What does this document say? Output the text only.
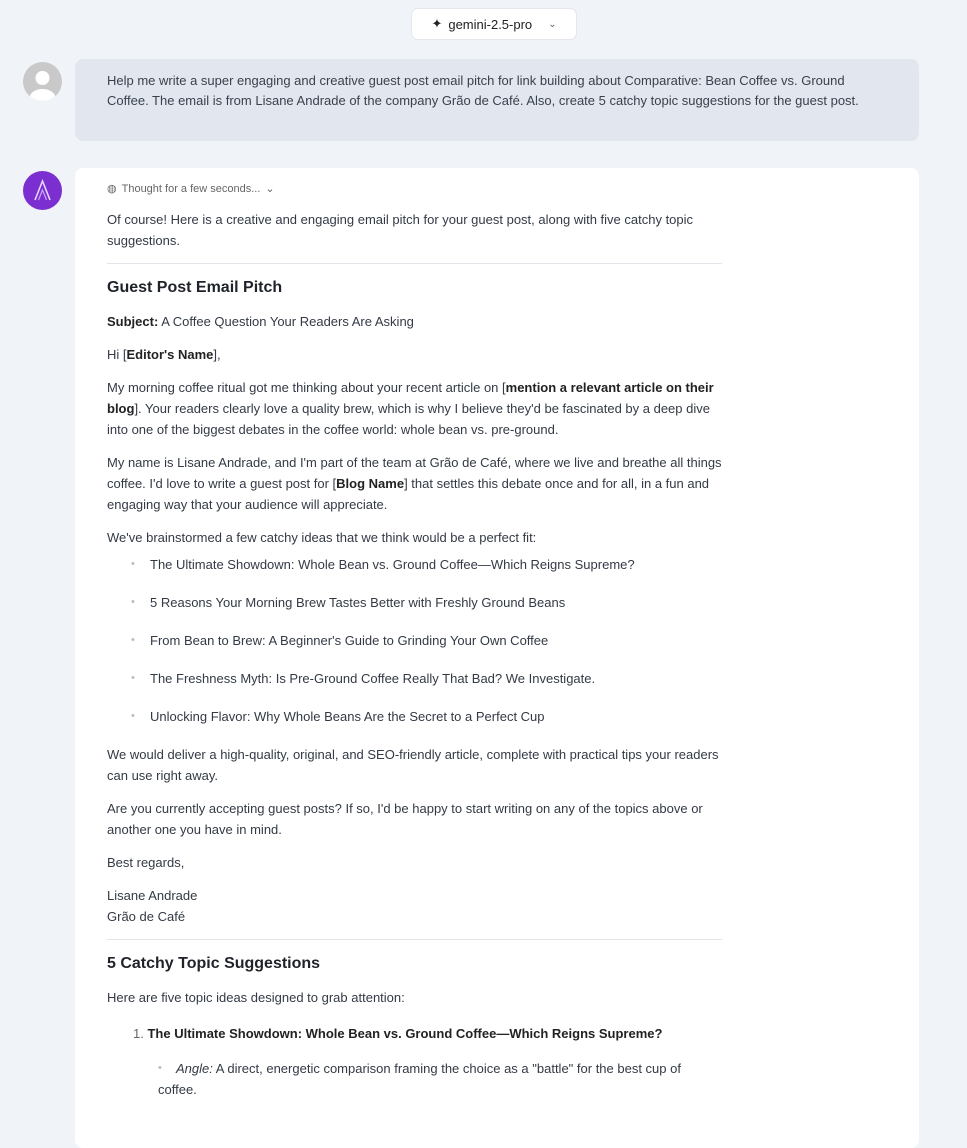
✦ gemini-2.5-pro ⌄
Help me write a super engaging and creative guest post email pitch for link building about Comparative: Bean Coffee vs. Ground Coffee. The email is from Lisane Andrade of the company Grão de Café. Also, create 5 catchy topic suggestions for the guest post.
◍ Thought for a few seconds... ⌄

Of course! Here is a creative and engaging email pitch for your guest post, along with five catchy topic suggestions.

Guest Post Email Pitch

Subject: A Coffee Question Your Readers Are Asking

Hi [Editor's Name],

My morning coffee ritual got me thinking about your recent article on [mention a relevant article on their blog]. Your readers clearly love a quality brew, which is why I believe they'd be fascinated by a deep dive into one of the biggest debates in the coffee world: whole bean vs. pre-ground.

My name is Lisane Andrade, and I'm part of the team at Grão de Café, where we live and breathe all things coffee. I'd love to write a guest post for [Blog Name] that settles this debate once and for all, in a fun and engaging way that your audience will appreciate.

We've brainstormed a few catchy ideas that we think would be a perfect fit:

• The Ultimate Showdown: Whole Bean vs. Ground Coffee—Which Reigns Supreme?
• 5 Reasons Your Morning Brew Tastes Better with Freshly Ground Beans
• From Bean to Brew: A Beginner's Guide to Grinding Your Own Coffee
• The Freshness Myth: Is Pre-Ground Coffee Really That Bad? We Investigate.
• Unlocking Flavor: Why Whole Beans Are the Secret to a Perfect Cup

We would deliver a high-quality, original, and SEO-friendly article, complete with practical tips your readers can use right away.

Are you currently accepting guest posts? If so, I'd be happy to start writing on any of the topics above or another one you have in mind.

Best regards,

Lisane Andrade
Grão de Café

5 Catchy Topic Suggestions

Here are five topic ideas designed to grab attention:

1. The Ultimate Showdown: Whole Bean vs. Ground Coffee—Which Reigns Supreme?
• Angle: A direct, energetic comparison framing the choice as a "battle" for the best cup of coffee.
